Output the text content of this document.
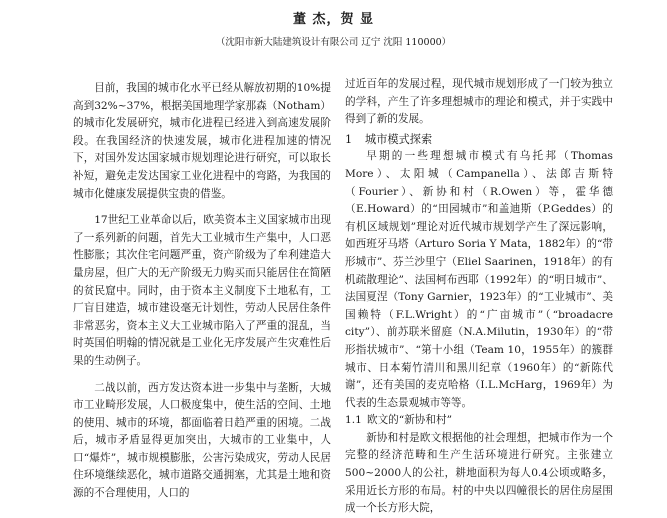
董 杰，贺 显
（沈阳市新大陆建筑设计有限公司 辽宁 沈阳 110000）

目前，我国的城市化水平已经从解放初期的10%提高到32%~37%，根据美国地理学家那森（Notham）的城市化发展研究，城市化进程已经进入到高速发展阶段。在我国经济的快速发展，城市化进程加速的情况下，对国外发达国家城市规划理论进行研究，可以取长补短，避免走发达国家工业化进程中的弯路，为我国的城市化健康发展提供宝贵的借鉴。

17世纪工业革命以后，欧美资本主义国家城市出现了一系列新的问题，首先大工业城市生产集中，人口恶性膨胀；其次住宅问题严重，资产阶级为了牟利建造大量房屋，但广大的无产阶级无力购买而只能居住在简陋的贫民窟中。同时，由于资本主义制度下土地私有，工厂盲目建造，城市建设毫无计划性，劳动人民居住条件非常恶劣，资本主义大工业城市陷入了严重的混乱，当时英国伯明翰的情况就是工业化无序发展产生灾难性后果的生动例子。

二战以前，西方发达资本进一步集中与垄断，大城市工业畸形发展，人口极度集中，使生活的空间、土地的使用、城市的环境，都面临着日趋严重的困境。二战后，城市矛盾显得更加突出，大城市的工业集中，人口“爆炸”，城市规模膨胀，公害污染成灾，劳动人民居住环境继续恶化，城市道路交通拥塞，尤其是土地和资源的不合理使用，人口的

过近百年的发展过程，现代城市规划形成了一门较为独立的学科，产生了许多理想城市的理论和模式，并于实践中得到了新的发展。

1 城市模式探索

早期的一些理想城市模式有乌托邦（Thomas More）、太阳城（Campanella）、法郎吉斯特（Fourier）、新协和村（R.Owen）等，霍华德（E.Howard）的“田园城市”和盖迪斯（P.Geddes）的有机区域规划”理论对近代城市规划学产生了深远影响，如西班牙马塔（Arturo Soria Y Mata，1882年）的“带形城市”、芬兰沙里宁（Eliel Saarinen，1918年）的有机疏散理论”、法国柯布西耶（1992年）的“明日城市”、法国夏涅（Tony Garnier，1923年）的“工业城市”、美国赖特（F.L.Wright）的“广亩城市”（“broadacre city”）、前苏联米留庭（N.A.Milutin，1930年）的“带形指状城市”、“第十小组（Team 10，1955年）的簇群城市、日本菊竹清川和黑川纪章（1960年）的“新陈代谢”，还有美国的麦克哈格（I.L.McHarg，1969年）为代表的生态景观城市等等。

1.1 欧文的“新协和村”

新协和村是欧文根据他的社会理想，把城市作为一个完整的经济范畴和生产生活环境进行研究。主张建立500~2000人的公社，耕地面积为每人0.4公顷或略多，采用近长方形的布局。村的中央以四幢很长的居住房屋围成一个长方形大院，
